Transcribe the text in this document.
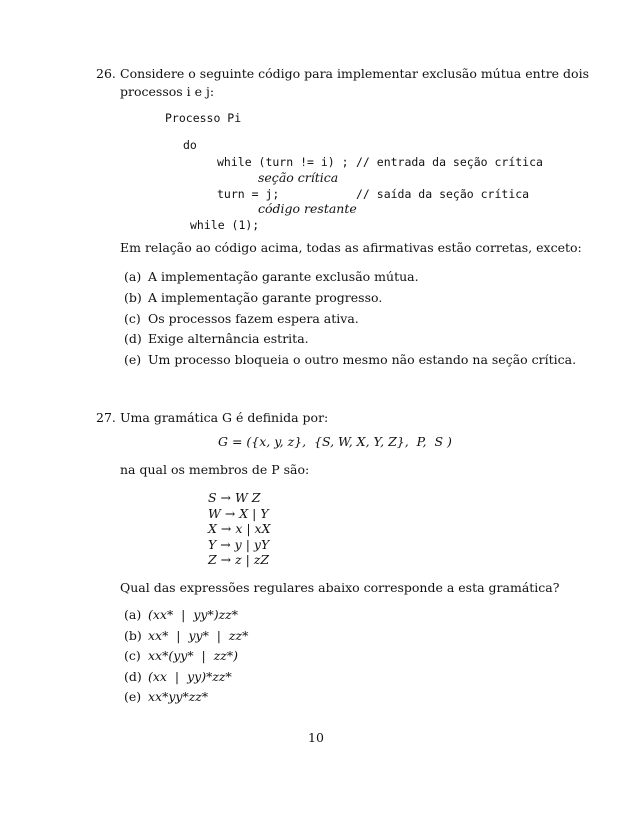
26. Considere o seguinte código para implementar exclusão mútua entre dois
processos i e j:
Processo Pi
do
while (turn != i) ; // entrada da seção crítica
seção crítica
turn = j;	// saída da seção crítica
código restante
while (1);
Em relação ao código acima, todas as afirmativas estão corretas, exceto:
(a) A implementação garante exclusão mútua.
(b) A implementação garante progresso.
(c) Os processos fazem espera ativa.
(d) Exige alternância estrita.
(e) Um processo bloqueia o outro mesmo não estando na seção crítica.
27. Uma gramática G é definida por:
G = ({x, y, z},  {S, W, X, Y, Z},  P,  S )
na qual os membros de P são:
S → W Z
W → X | Y
X → x | xX
Y → y | yY
Z → z | zZ
Qual das expressões regulares abaixo corresponde a esta gramática?
(a) (xx*  |  yy*)zz*
(b) xx*  |  yy*  |  zz*
(c) xx*(yy*  |  zz*)
(d) (xx  |  yy)*zz*
(e) xx*yy*zz*
10
